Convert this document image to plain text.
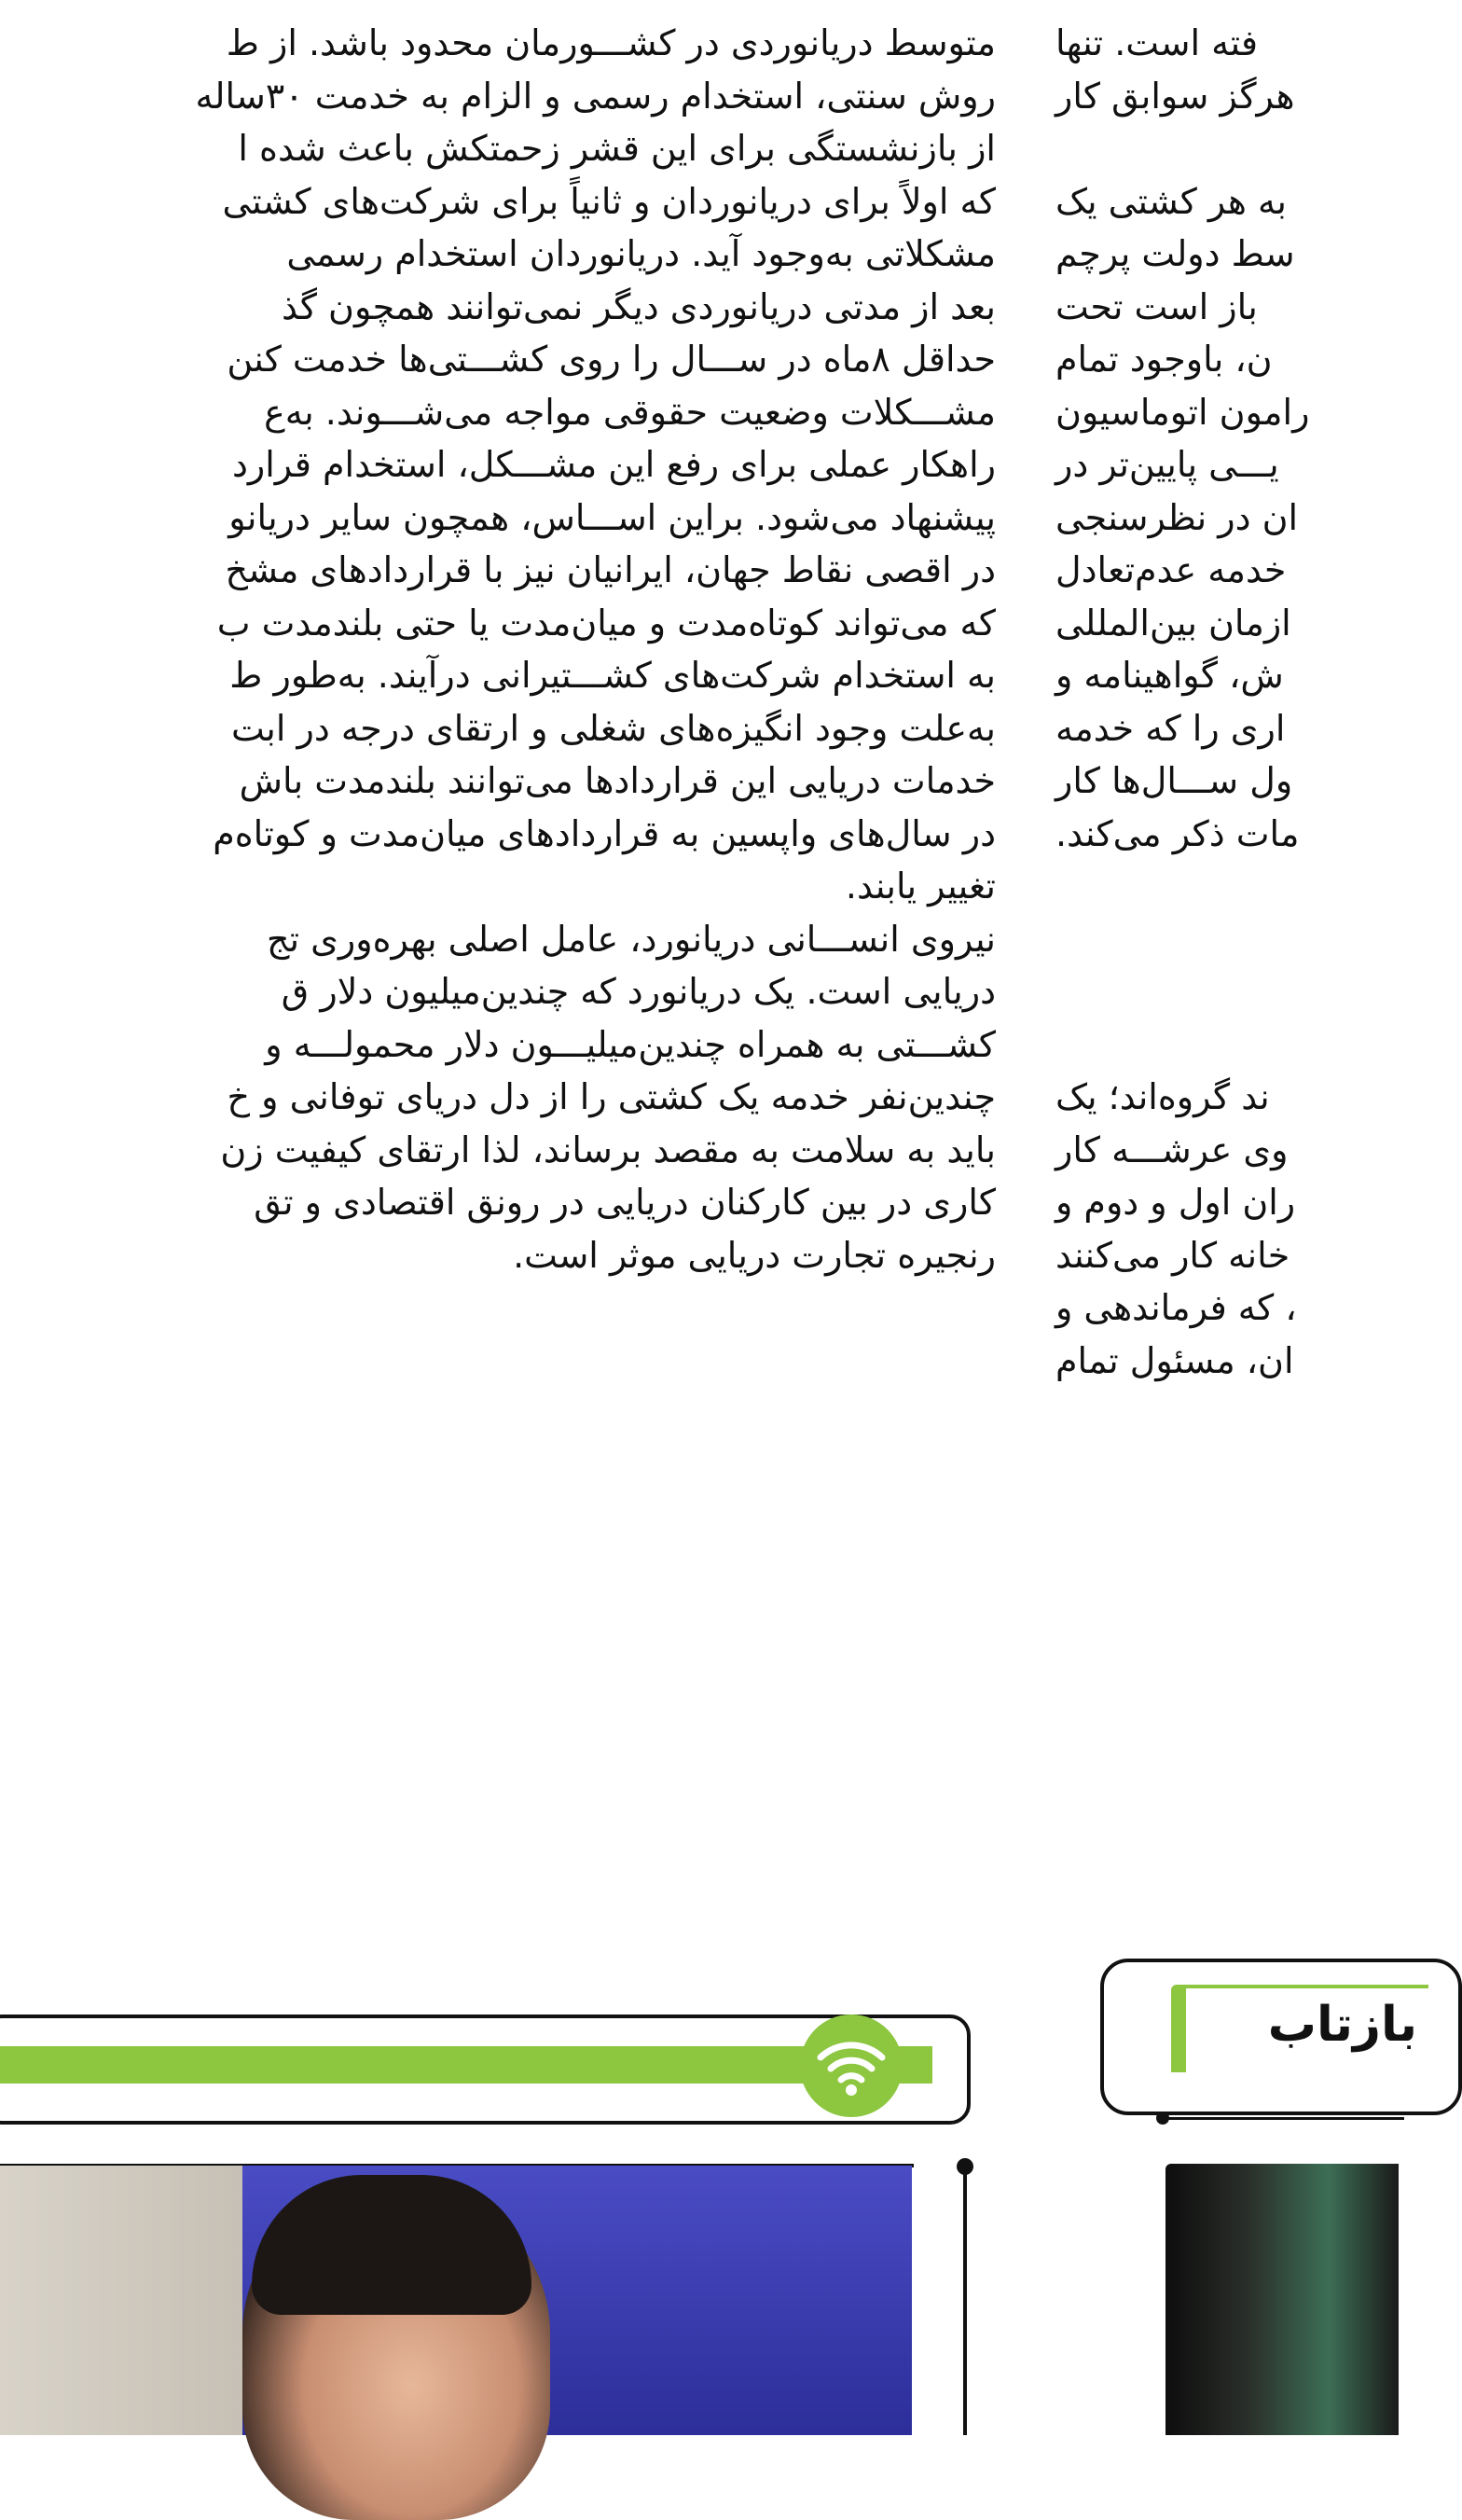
متوسط دریانوردی در کشـــورمان محدود باشد. از ط
روش سنتی، استخدام رسمی و الزام به خدمت ۳۰ساله
از بازنشستگی برای این قشر زحمتکش باعث شده ا
که اولاً برای دریانوردان و ثانیاً برای شرکت‌های کشتی
مشکلاتی به‌وجود آید. دریانوردان استخدام رسمی
بعد از مدتی دریانوردی دیگر نمی‌توانند همچون گذ
حداقل ۸ماه در ســـال را روی کشـــتی‌ها خدمت کنن
مشـــکلات وضعیت حقوقی مواجه می‌شـــوند. به‌ع
راهکار عملی برای رفع این مشـــکل، استخدام قرارد
پیشنهاد می‌شود. براین اســـاس، همچون سایر دریانو
در اقصی نقاط جهان، ایرانیان نیز با قراردادهای مشخ
که می‌تواند کوتاه‌مدت و میان‌مدت یا حتی بلندمدت ب
به استخدام شرکت‌های کشـــتیرانی درآیند. به‌طور ط
به‌علت وجود انگیزه‌های شغلی و ارتقای درجه در ابت
خدمات دریایی این قراردادها می‌توانند بلندمدت باش
در سال‌های واپسین به قراردادهای میان‌مدت و کوتاه‌م
تغییر یابند.
نیروی انســـانی دریانورد، عامل اصلی بهره‌وری تج
دریایی است. یک دریانورد که چندین‌میلیون دلار ق
کشـــتی به همراه چندین‌میلیـــون دلار محمولـــه و
چندین‌نفر خدمه یک کشتی را از دل دریای توفانی و خ
باید به سلامت به مقصد برساند، لذا ارتقای کیفیت زن
کاری در بین کارکنان دریایی در رونق اقتصادی و تق
رنجیره تجارت دریایی موثر است.
فته است. تنها
هرگز سوابق کار
به هر کشتی یک
سط دولت پرچم
باز است تحت
ن، باوجود تمام
رامون اتوماسیون
یـــی پایین‌تر در
ان در نظرسنجی
خدمه عدم‌تعادل
ازمان بین‌المللی
ش، گواهینامه و
اری را که خدمه
ول ســـال‌ها کار
مات ذکر می‌کند.
ند گروه‌اند؛ یک
وی عرشـــه کار
ران اول و دوم و
خانه کار می‌کنند
، که فرماندهی و
ان، مسئول تمام
بازتاب
